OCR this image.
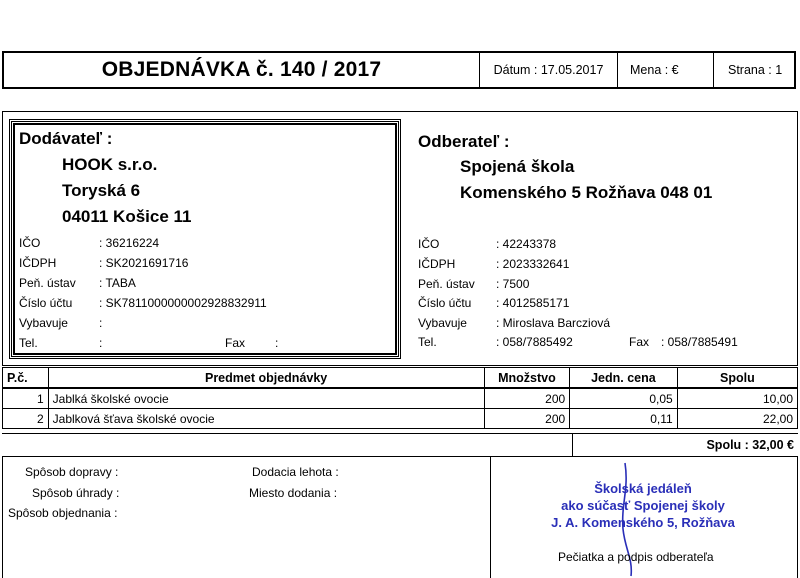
OBJEDNÁVKA č. 140 / 2017	Dátum : 17.05.2017	Mena : €	Strana : 1
Dodávateľ :
HOOK s.r.o.
Toryská 6
04011 Košice 11
IČO	: 36216224
IČDPH	: SK2021691716
Peň. ústav : TABA
Číslo účtu : SK7811000000002928832911
Vybavuje	:
Tel.	:	Fax :
Odberateľ :
Spojená škola
Komenského 5 Rožňava 048 01
IČO	: 42243378
IČDPH	: 2023332641
Peň. ústav : 7500
Číslo účtu : 4012585171
Vybavuje : Miroslava Barcziová
Tel.	: 058/7885492	Fax : 058/7885491
P.č.	Predmet objednávky	Množstvo	Jedn. cena	Spolu
1	Jablká školské ovocie	200	0,05	10,00
2	Jablková šťava školské ovocie	200	0,11	22,00
Spolu : 32,00 €
Spôsob dopravy :
Spôsob úhrady :
Spôsob objednania :
Dodacia lehota :
Miesto dodania :	Školská jedáleň
ako súčasť Spojenej školy
J. A. Komenského 5, Rožňava
Pečiatka a podpis odberateľa
